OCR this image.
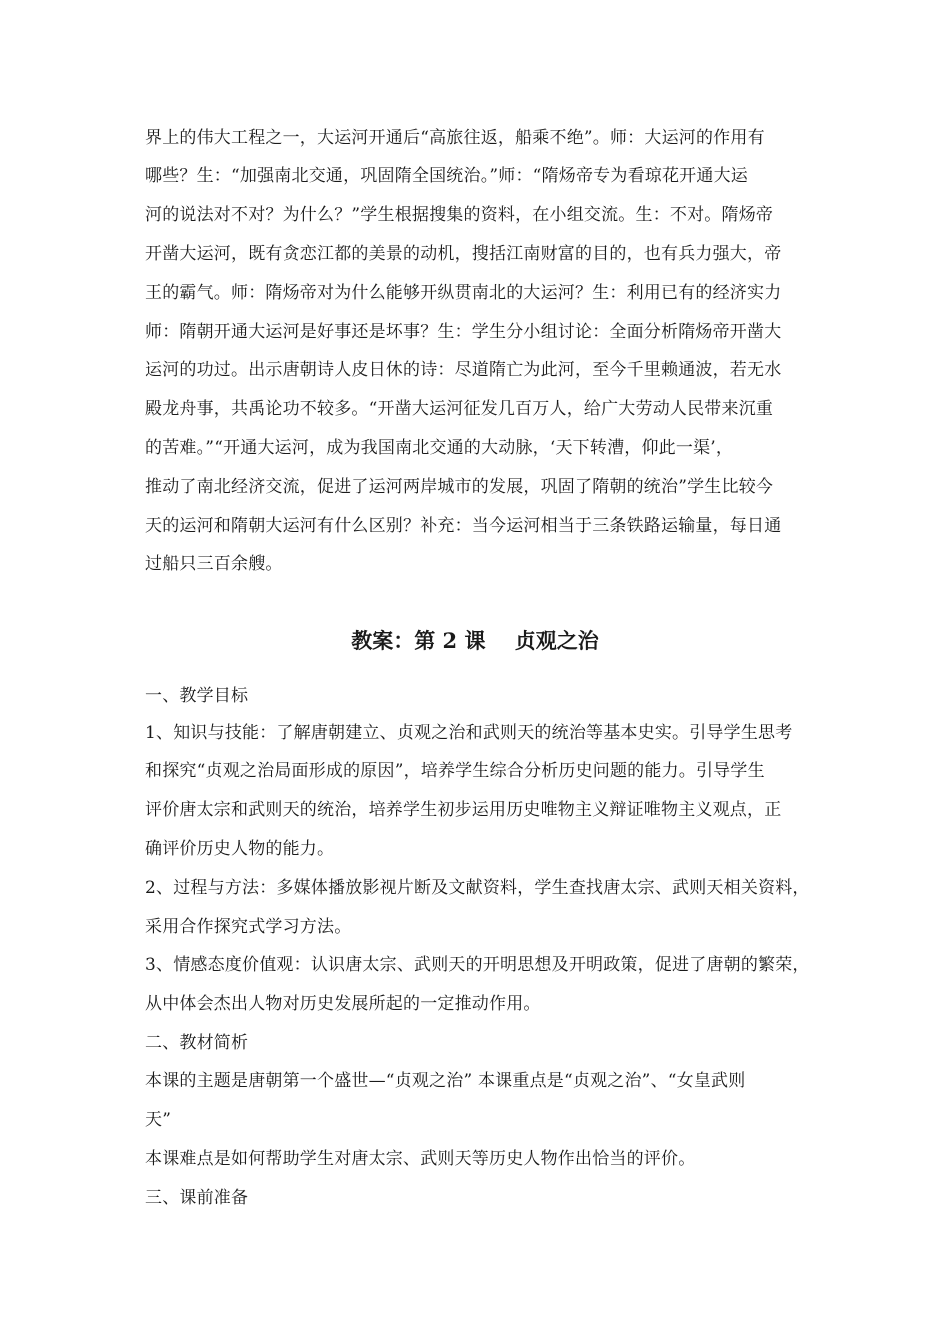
界上的伟大工程之一，大运河开通后“高旅往返，船乘不绝”。师：大运河的作用有
哪些？生：“加强南北交通，巩固隋全国统治。”师：“隋炀帝专为看琼花开通大运
河的说法对不对？为什么？”学生根据搜集的资料，在小组交流。生：不对。隋炀帝
开凿大运河，既有贪恋江都的美景的动机，搜括江南财富的目的，也有兵力强大，帝
王的霸气。师：隋炀帝对为什么能够开纵贯南北的大运河？生：利用已有的经济实力
师：隋朝开通大运河是好事还是坏事？生：学生分小组讨论：全面分析隋炀帝开凿大
运河的功过。出示唐朝诗人皮日休的诗：尽道隋亡为此河，至今千里赖通波，若无水
殿龙舟事，共禹论功不较多。“开凿大运河征发几百万人，给广大劳动人民带来沉重
的苦难。”“开通大运河，成为我国南北交通的大动脉，‘天下转漕，仰此一渠’，
推动了南北经济交流，促进了运河两岸城市的发展，巩固了隋朝的统治”学生比较今
天的运河和隋朝大运河有什么区别？补充：当今运河相当于三条铁路运输量，每日通
过船只三百余艘。
教案：第 2 课    贞观之治
一、教学目标
1、知识与技能：了解唐朝建立、贞观之治和武则天的统治等基本史实。引导学生思考
和探究“贞观之治局面形成的原因”，培养学生综合分析历史问题的能力。引导学生
评价唐太宗和武则天的统治，培养学生初步运用历史唯物主义辩证唯物主义观点，正
确评价历史人物的能力。
2、过程与方法：多媒体播放影视片断及文献资料，学生查找唐太宗、武则天相关资料，
采用合作探究式学习方法。
3、情感态度价值观：认识唐太宗、武则天的开明思想及开明政策，促进了唐朝的繁荣，
从中体会杰出人物对历史发展所起的一定推动作用。
二、教材简析
本课的主题是唐朝第一个盛世—“贞观之治” 本课重点是“贞观之治”、“女皇武则
天”
本课难点是如何帮助学生对唐太宗、武则天等历史人物作出恰当的评价。
三、课前准备
